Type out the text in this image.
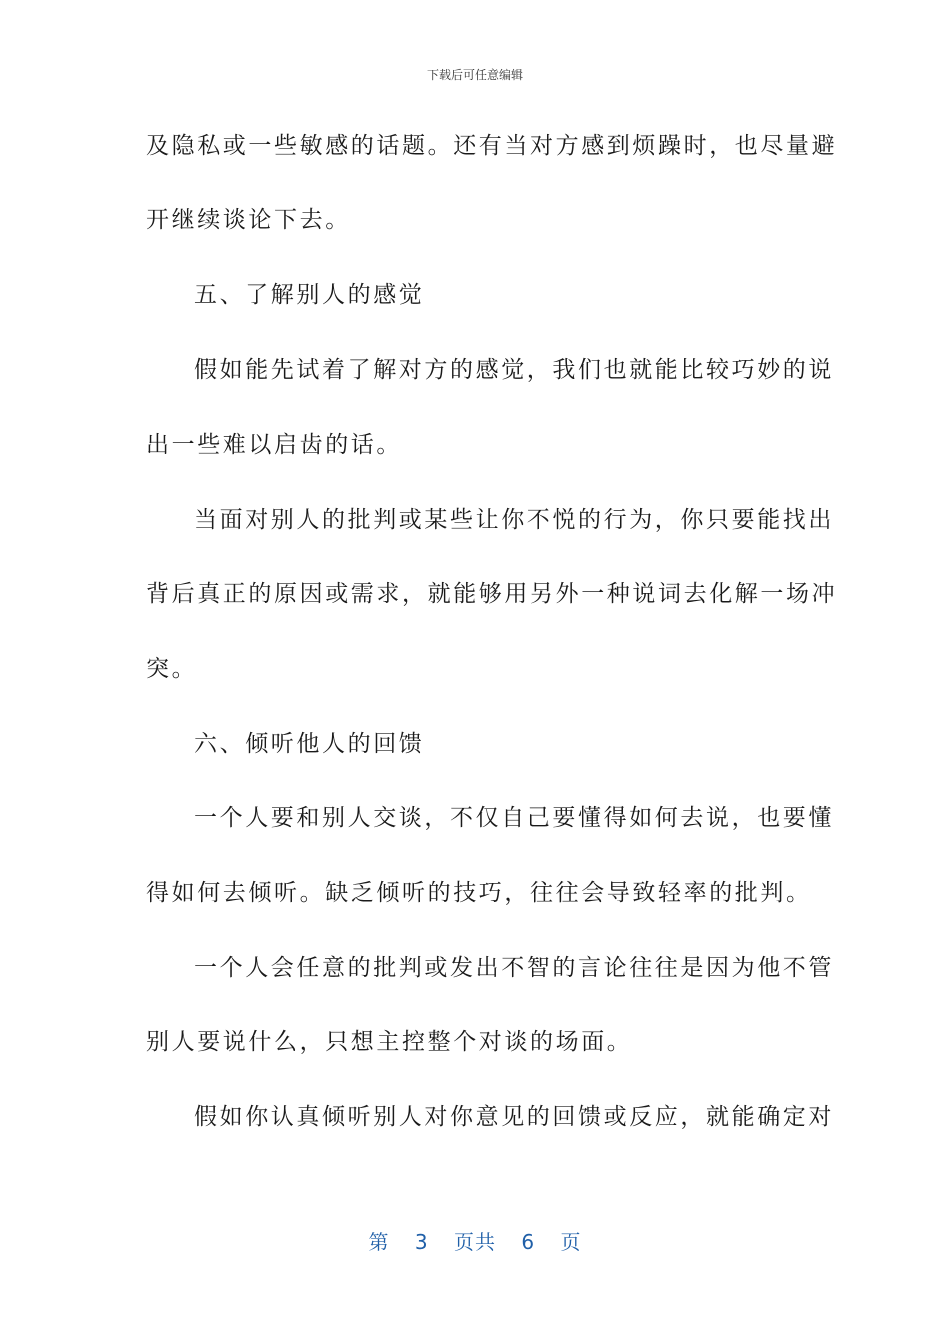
下载后可任意编辑
及隐私或一些敏感的话题。还有当对方感到烦躁时，也尽量避
开继续谈论下去。
五、了解别人的感觉
假如能先试着了解对方的感觉，我们也就能比较巧妙的说
出一些难以启齿的话。
当面对别人的批判或某些让你不悦的行为，你只要能找出
背后真正的原因或需求，就能够用另外一种说词去化解一场冲
突。
六、倾听他人的回馈
一个人要和别人交谈，不仅自己要懂得如何去说，也要懂
得如何去倾听。缺乏倾听的技巧，往往会导致轻率的批判。
一个人会任意的批判或发出不智的言论往往是因为他不管
别人要说什么，只想主控整个对谈的场面。
假如你认真倾听别人对你意见的回馈或反应，就能确定对
第 3 页共 6 页
